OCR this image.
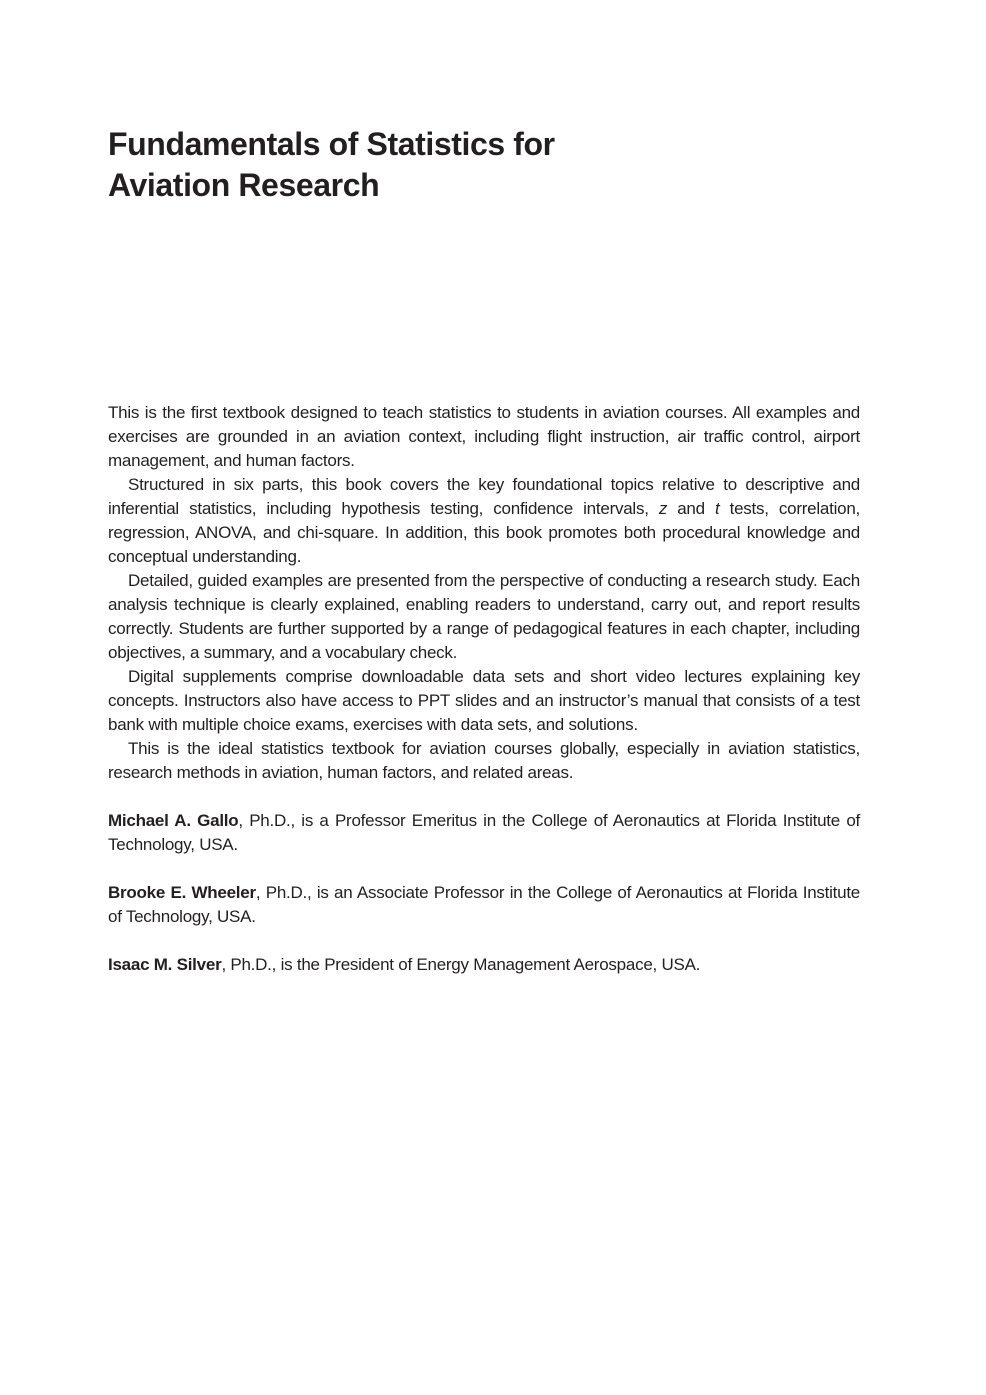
Fundamentals of Statistics for
Aviation Research

This is the first textbook designed to teach statistics to students in aviation courses. All examples and exercises are grounded in an aviation context, including flight instruction, air traffic control, airport management, and human factors.

Structured in six parts, this book covers the key foundational topics relative to descriptive and inferential statistics, including hypothesis testing, confidence intervals, z and t tests, correlation, regression, ANOVA, and chi-square. In addition, this book promotes both procedural knowledge and conceptual understanding.

Detailed, guided examples are presented from the perspective of conducting a research study. Each analysis technique is clearly explained, enabling readers to understand, carry out, and report results correctly. Students are further supported by a range of pedagogical features in each chapter, including objectives, a summary, and a vocabulary check.

Digital supplements comprise downloadable data sets and short video lectures explaining key concepts. Instructors also have access to PPT slides and an instructor’s manual that consists of a test bank with multiple choice exams, exercises with data sets, and solutions.

This is the ideal statistics textbook for aviation courses globally, especially in aviation statistics, research methods in aviation, human factors, and related areas.

Michael A. Gallo, Ph.D., is a Professor Emeritus in the College of Aeronautics at Florida Institute of Technology, USA.

Brooke E. Wheeler, Ph.D., is an Associate Professor in the College of Aeronautics at Florida Institute of Technology, USA.

Isaac M. Silver, Ph.D., is the President of Energy Management Aerospace, USA.
